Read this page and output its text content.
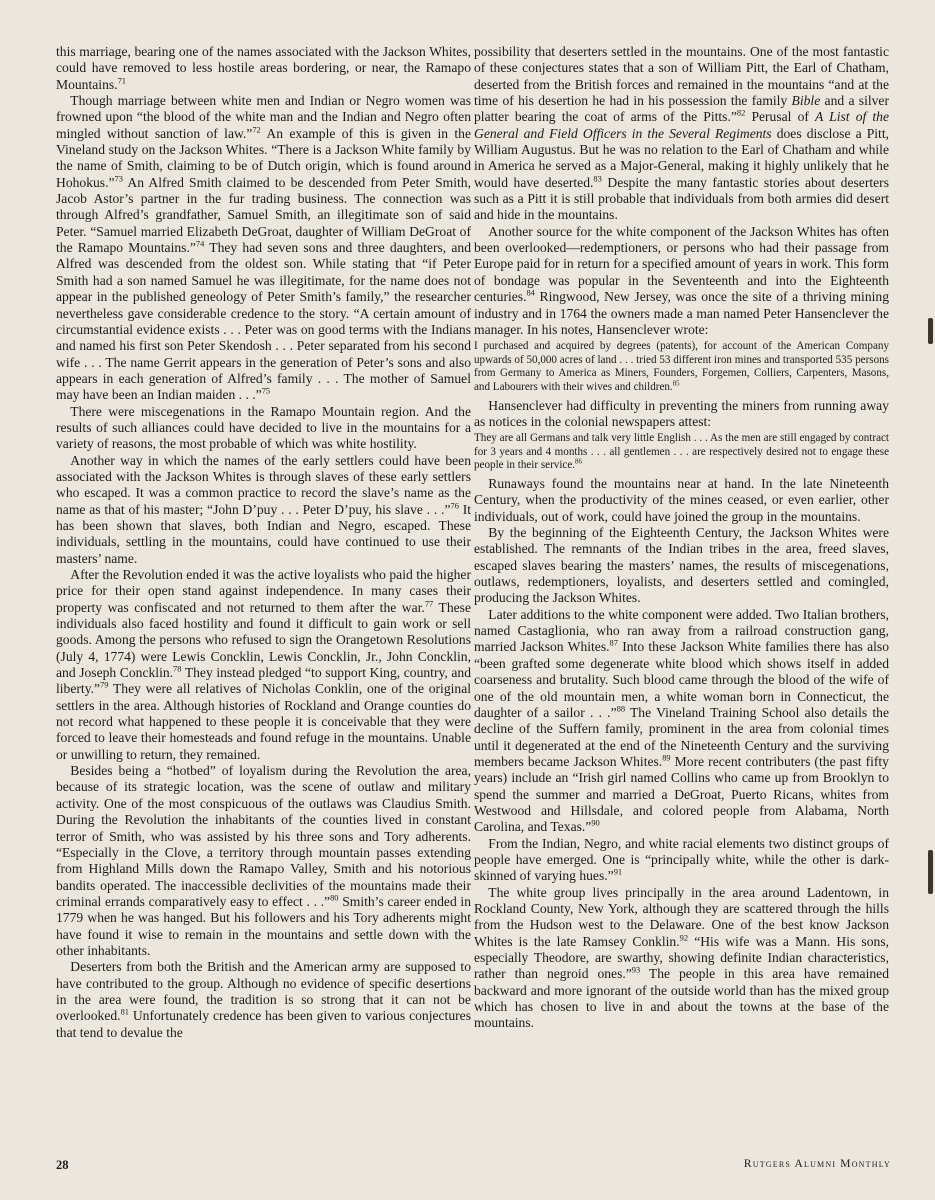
this marriage, bearing one of the names associated with the Jackson Whites, could have removed to less hostile areas bordering, or near, the Ramapo Mountains.$^{71}$

Though marriage between white men and Indian or Negro women was frowned upon “the blood of the white man and the Indian and Negro often mingled without sanction of law.”$^{72}$ An example of this is given in the Vineland study on the Jackson Whites. “There is a Jackson White family by the name of Smith, claiming to be of Dutch origin, which is found around Hohokus.”$^{73}$ An Alfred Smith claimed to be descended from Peter Smith, Jacob Astor’s partner in the fur trading business. The connection was through Alfred’s grandfather, Samuel Smith, an illegitimate son of said Peter. “Samuel married Elizabeth DeGroat, daughter of William DeGroat of the Ramapo Mountains.”$^{74}$ They had seven sons and three daughters, and Alfred was descended from the oldest son. While stating that “if Peter Smith had a son named Samuel he was illegitimate, for the name does not appear in the published geneology of Peter Smith’s family,” the researcher nevertheless gave considerable credence to the story. “A certain amount of circumstantial evidence exists . . . Peter was on good terms with the Indians and named his first son Peter Skendosh . . . Peter separated from his second wife . . . The name Gerrit appears in the generation of Peter’s sons and also appears in each generation of Alfred’s family . . . The mother of Samuel may have been an Indian maiden . . .”$^{75}$

There were miscegenations in the Ramapo Mountain region. And the results of such alliances could have decided to live in the mountains for a variety of reasons, the most probable of which was white hostility.

Another way in which the names of the early settlers could have been associated with the Jackson Whites is through slaves of these early settlers who escaped. It was a common practice to record the slave’s name as the name as that of his master; “John D’puy . . . Peter D’puy, his slave . . .”$^{76}$ It has been shown that slaves, both Indian and Negro, escaped. These individuals, settling in the mountains, could have continued to use their masters’ name.

After the Revolution ended it was the active loyalists who paid the higher price for their open stand against independence. In many cases their property was confiscated and not returned to them after the war.$^{77}$ These individuals also faced hostility and found it difficult to gain work or sell goods. Among the persons who refused to sign the Orangetown Resolutions (July 4, 1774) were Lewis Concklin, Lewis Concklin, Jr., John Concklin, and Joseph Concklin.$^{78}$ They instead pledged “to support King, country, and liberty.”$^{79}$ They were all relatives of Nicholas Conklin, one of the original settlers in the area. Although histories of Rockland and Orange counties do not record what happened to these people it is conceivable that they were forced to leave their homesteads and found refuge in the mountains. Unable or unwilling to return, they remained.

Besides being a “hotbed” of loyalism during the Revolution the area, because of its strategic location, was the scene of outlaw and military activity. One of the most conspicuous of the outlaws was Claudius Smith. During the Revolution the inhabitants of the counties lived in constant terror of Smith, who was assisted by his three sons and Tory adherents. “Especially in the Clove, a territory through mountain passes extending from Highland Mills down the Ramapo Valley, Smith and his notorious bandits operated. The inaccessible declivities of the mountains made their criminal errands comparatively easy to effect . . .”$^{80}$ Smith’s career ended in 1779 when he was hanged. But his followers and his Tory adherents might have found it wise to remain in the mountains and settle down with the other inhabitants.

Deserters from both the British and the American army are supposed to have contributed to the group. Although no evidence of specific desertions in the area were found, the tradition is so strong that it can not be overlooked.$^{81}$ Unfortunately credence has been given to various conjectures that tend to devalue the

possibility that deserters settled in the mountains. One of the most fantastic of these conjectures states that a son of William Pitt, the Earl of Chatham, deserted from the British forces and remained in the mountains “and at the time of his desertion he had in his possession the family Bible and a silver platter bearing the coat of arms of the Pitts.”$^{82}$ Perusal of A List of the General and Field Officers in the Several Regiments does disclose a Pitt, William Augustus. But he was no relation to the Earl of Chatham and while in America he served as a Major-General, making it highly unlikely that he would have deserted.$^{83}$ Despite the many fantastic stories about deserters such as a Pitt it is still probable that individuals from both armies did desert and hide in the mountains.

Another source for the white component of the Jackson Whites has often been overlooked—redemptioners, or persons who had their passage from Europe paid for in return for a specified amount of years in work. This form of bondage was popular in the Seventeenth and into the Eighteenth centuries.$^{84}$ Ringwood, New Jersey, was once the site of a thriving mining industry and in 1764 the owners made a man named Peter Hansenclever the manager. In his notes, Hansenclever wrote:

I purchased and acquired by degrees (patents), for account of the American Company upwards of 50,000 acres of land . . . tried 53 different iron mines and transported 535 persons from Germany to America as Miners, Founders, Forgemen, Colliers, Carpenters, Masons, and Labourers with their wives and children.$^{85}$

Hansenclever had difficulty in preventing the miners from running away as notices in the colonial newspapers attest:

They are all Germans and talk very little English . . . As the men are still engaged by contract for 3 years and 4 months . . . all gentlemen . . . are respectively desired not to engage these people in their service.$^{86}$

Runaways found the mountains near at hand. In the late Nineteenth Century, when the productivity of the mines ceased, or even earlier, other individuals, out of work, could have joined the group in the mountains.

By the beginning of the Eighteenth Century, the Jackson Whites were established. The remnants of the Indian tribes in the area, freed slaves, escaped slaves bearing the masters’ names, the results of miscegenations, outlaws, redemptioners, loyalists, and deserters settled and comingled, producing the Jackson Whites.

Later additions to the white component were added. Two Italian brothers, named Castaglionia, who ran away from a railroad construction gang, married Jackson Whites.$^{87}$ Into these Jackson White families there has also “been grafted some degenerate white blood which shows itself in added coarseness and brutality. Such blood came through the blood of the wife of one of the old mountain men, a white woman born in Connecticut, the daughter of a sailor . . .”$^{88}$ The Vineland Training School also details the decline of the Suffern family, prominent in the area from colonial times until it degenerated at the end of the Nineteenth Century and the surviving members became Jackson Whites.$^{89}$ More recent contributers (the past fifty years) include an “Irish girl named Collins who came up from Brooklyn to spend the summer and married a DeGroat, Puerto Ricans, whites from Westwood and Hillsdale, and colored people from Alabama, North Carolina, and Texas.”$^{90}$

From the Indian, Negro, and white racial elements two distinct groups of people have emerged. One is “principally white, while the other is dark-skinned of varying hues.”$^{91}$

The white group lives principally in the area around Ladentown, in Rockland County, New York, although they are scattered through the hills from the Hudson west to the Delaware. One of the best know Jackson Whites is the late Ramsey Conklin.$^{92}$ “His wife was a Mann. His sons, especially Theodore, are swarthy, showing definite Indian characteristics, rather than negroid ones.”$^{93}$ The people in this area have remained backward and more ignorant of the outside world than has the mixed group which has chosen to live in and about the towns at the base of the mountains.

28	Rutgers Alumni Monthly
